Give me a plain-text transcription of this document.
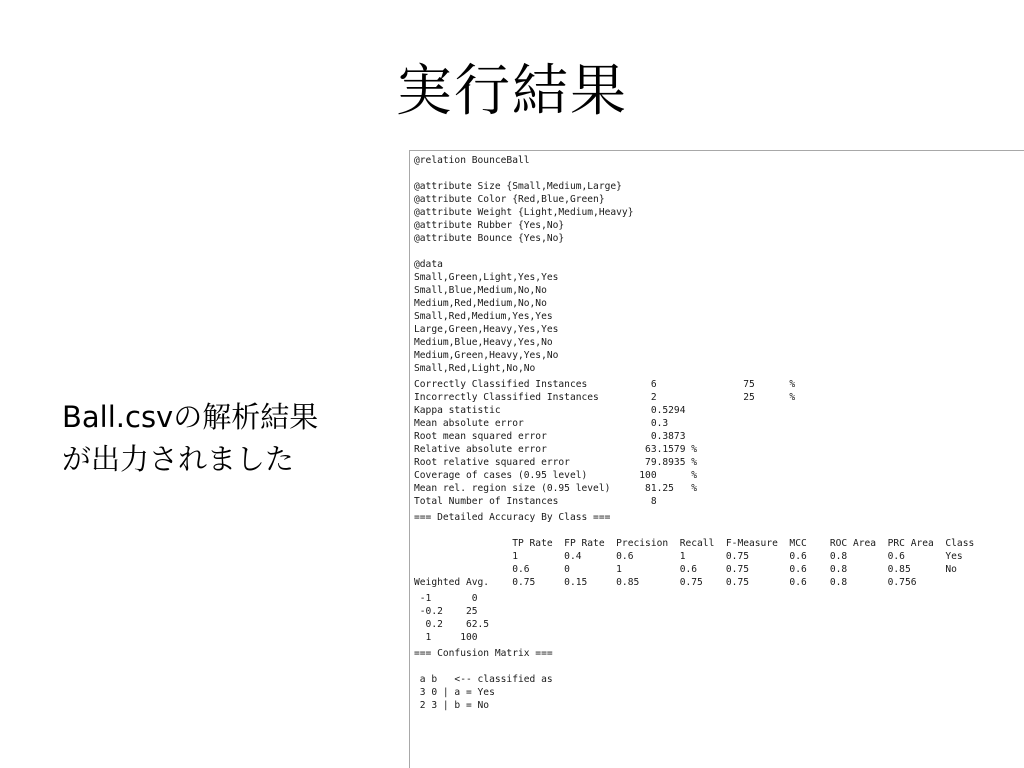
実行結果
Ball.csvの解析結果
が出力されました
@relation BounceBall

@attribute Size {Small,Medium,Large}
@attribute Color {Red,Blue,Green}
@attribute Weight {Light,Medium,Heavy}
@attribute Rubber {Yes,No}
@attribute Bounce {Yes,No}

@data
Small,Green,Light,Yes,Yes
Small,Blue,Medium,No,No
Medium,Red,Medium,No,No
Small,Red,Medium,Yes,Yes
Large,Green,Heavy,Yes,Yes
Medium,Blue,Heavy,Yes,No
Medium,Green,Heavy,Yes,No
Small,Red,Light,No,No

Correctly Classified Instances           6               75      %
Incorrectly Classified Instances         2               25      %
Kappa statistic                          0.5294
Mean absolute error                      0.3
Root mean squared error                  0.3873
Relative absolute error                 63.1579 %
Root relative squared error             79.8935 %
Coverage of cases (0.95 level)         100      %
Mean rel. region size (0.95 level)      81.25   %
Total Number of Instances                8

=== Detailed Accuracy By Class ===

TP Rate  FP Rate  Precision  Recall  F-Measure  MCC    ROC Area  PRC Area  Class
1        0.4      0.6        1       0.75       0.6    0.8       0.6       Yes
0.6      0        1          0.6     0.75       0.6    0.8       0.85      No
Weighted Avg.    0.75     0.15     0.85       0.75    0.75       0.6    0.8       0.756

-1       0
-0.2    25
0.2    62.5
1     100

=== Confusion Matrix ===

a b   <-- classified as
3 0 | a = Yes
2 3 | b = No
